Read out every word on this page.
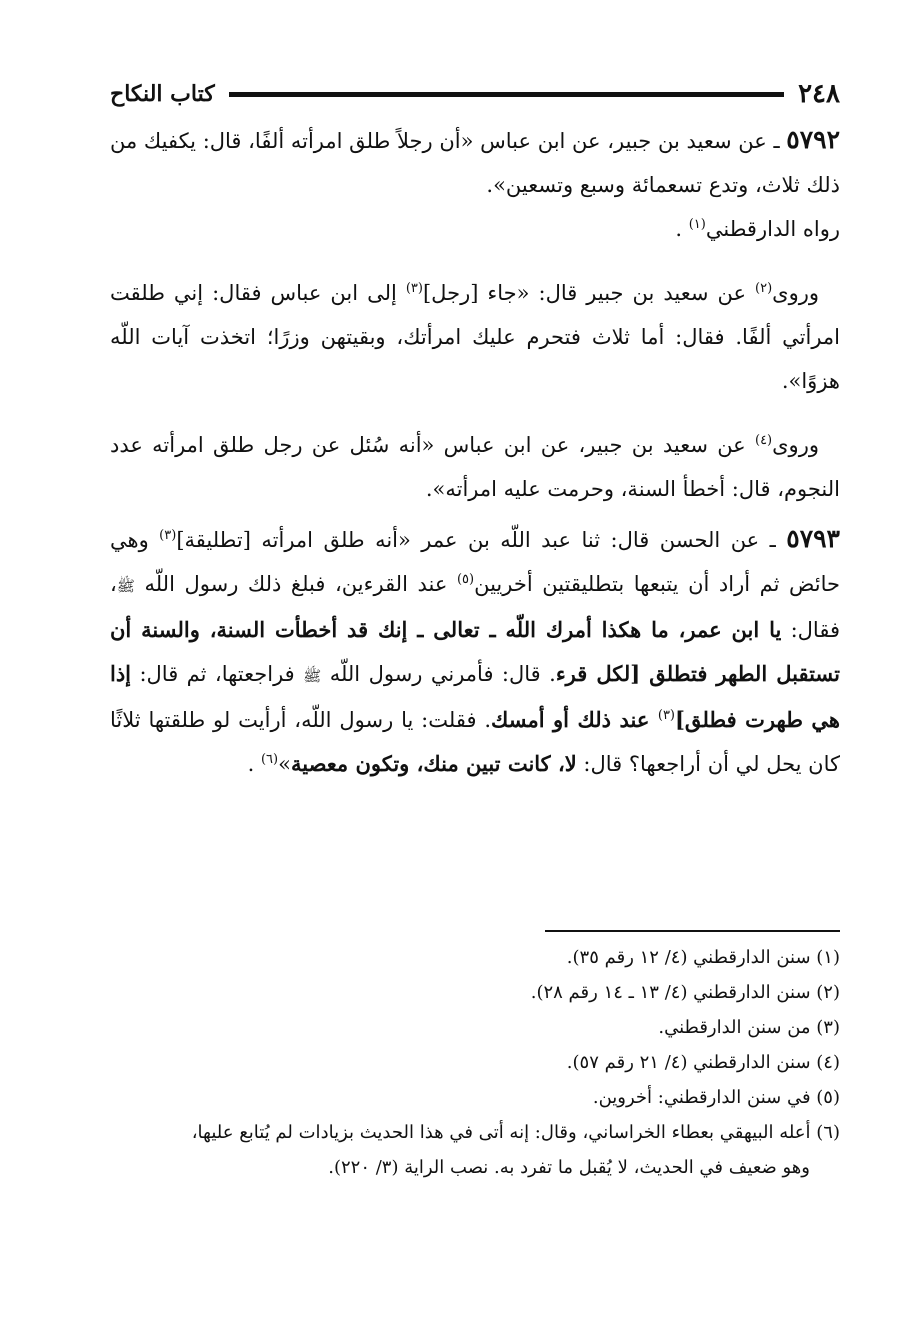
٢٤٨
كتاب النكاح

٥٧٩٢ ـ عن سعيد بن جبير، عن ابن عباس «أن رجلاً طلق امرأته ألفًا، قال: يكفيك من ذلك ثلاث، وتدع تسعمائة وسبع وتسعين».

رواه الدارقطني$^{(١)}$ .

 وروى$^{(٢)}$ عن سعيد بن جبير قال: «جاء [رجل]$^{(٣)}$ إلى ابن عباس فقال: إني طلقت امرأتي ألفًا. فقال: أما ثلاث فتحرم عليك امرأتك، وبقيتهن وزرًا؛ اتخذت آيات اللّه هزوًا».

 وروى$^{(٤)}$ عن سعيد بن جبير، عن ابن عباس «أنه سُئل عن رجل طلق امرأته عدد النجوم، قال: أخطأ السنة، وحرمت عليه امرأته».

٥٧٩٣ ـ عن الحسن قال: ثنا عبد اللّه بن عمر «أنه طلق امرأته [تطليقة]$^{(٣)}$ وهي حائض ثم أراد أن يتبعها بتطليقتين أخريين$^{(٥)}$ عند القرءين، فبلغ ذلك رسول اللّه ﷺ، فقال: يا ابن عمر، ما هكذا أمرك اللّه ـ تعالى ـ إنك قد أخطأت السنة، والسنة أن تستقبل الطهر فتطلق [لكل قرء. قال: فأمرني رسول اللّه ﷺ فراجعتها، ثم قال: إذا هي طهرت فطلق]$^{(٣)}$ عند ذلك أو أمسك. فقلت: يا رسول اللّه، أرأيت لو طلقتها ثلاثًا كان يحل لي أن أراجعها؟ قال: لا، كانت تبين منك، وتكون معصية»$^{(٦)}$ .

(١) سنن الدارقطني (٤/ ١٢ رقم ٣٥).

(٢) سنن الدارقطني (٤/ ١٣ ـ ١٤ رقم ٢٨).

(٣) من سنن الدارقطني.

(٤) سنن الدارقطني (٤/ ٢١ رقم ٥٧).

(٥) في سنن الدارقطني: أخروين.

(٦) أعله البيهقي بعطاء الخراساني، وقال: إنه أتى في هذا الحديث بزيادات لم يُتابع عليها،

وهو ضعيف في الحديث، لا يُقبل ما تفرد به. نصب الراية (٣/ ٢٢٠).
